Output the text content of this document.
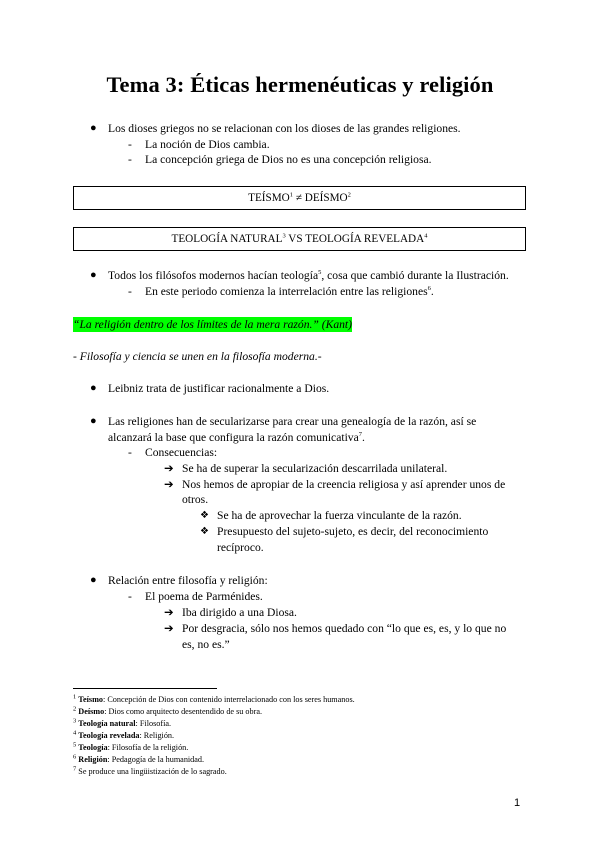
Tema 3: Éticas hermenéuticas y religión
● Los dioses griegos no se relacionan con los dioses de las grandes religiones.
- La noción de Dios cambia.
- La concepción griega de Dios no es una concepción religiosa.
$TEÍSMO^1$ ≠ $DEÍSMO^2$
TEOLOGÍA NATURAL$^3$ VS TEOLOGÍA REVELADA$^4$
● Todos los filósofos modernos hacían teología$^5$, cosa que cambió durante la Ilustración.
- En este periodo comienza la interrelación entre las religiones$^6$.
“La religión dentro de los límites de la mera razón.” (Kant)
- Filosofía y ciencia se unen en la filosofía moderna.-
● Leibniz trata de justificar racionalmente a Dios.
● Las religiones han de secularizarse para crear una genealogía de la razón, así se
alcanzará la base que configura la razón comunicativa$^7$.
- Consecuencias:
➔ Se ha de superar la secularización descarrilada unilateral.
➔ Nos hemos de apropiar de la creencia religiosa y así aprender unos de
otros.
❖ Se ha de aprovechar la fuerza vinculante de la razón.
❖ Presupuesto del sujeto-sujeto, es decir, del reconocimiento
recíproco.
● Relación entre filosofía y religión:
- El poema de Parménides.
➔ Iba dirigido a una Diosa.
➔ Por desgracia, sólo nos hemos quedado con “lo que es, es, y lo que no
es, no es.”
$^1$ Teísmo: Concepción de Dios con contenido interrelacionado con los seres humanos.
$^2$ Deísmo: Dios como arquitecto desentendido de su obra.
$^3$ Teología natural: Filosofía.
$^4$ Teología revelada: Religión.
$^5$ Teología: Filosofía de la religión.
$^6$ Religión: Pedagogía de la humanidad.
$^7$ Se produce una lingüistización de lo sagrado.
1
